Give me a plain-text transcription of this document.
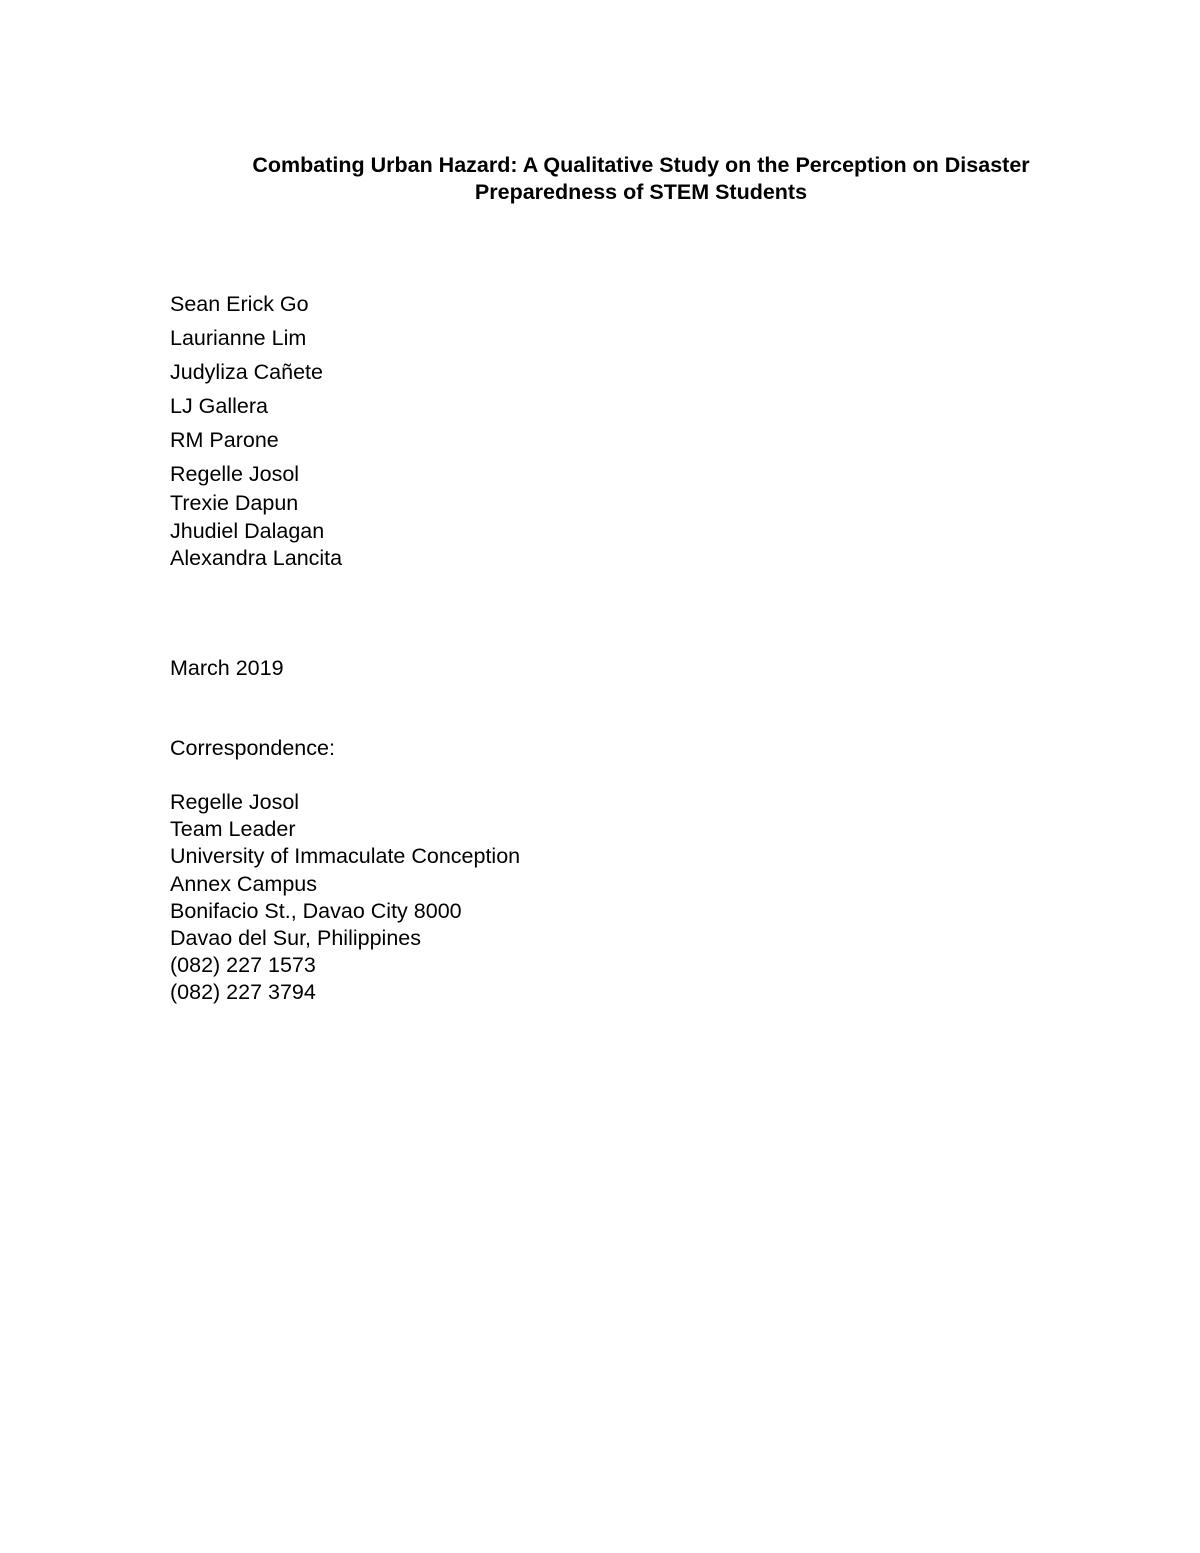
Combating Urban Hazard: A Qualitative Study on the Perception on Disaster
Preparedness of STEM Students
Sean Erick Go
Laurianne Lim
Judyliza Cañete
LJ Gallera
RM Parone
Regelle Josol
Trexie Dapun
Jhudiel Dalagan
Alexandra Lancita
March 2019
Correspondence:
Regelle Josol
Team Leader
University of Immaculate Conception
Annex Campus
Bonifacio St., Davao City 8000
Davao del Sur, Philippines
(082) 227 1573
(082) 227 3794
